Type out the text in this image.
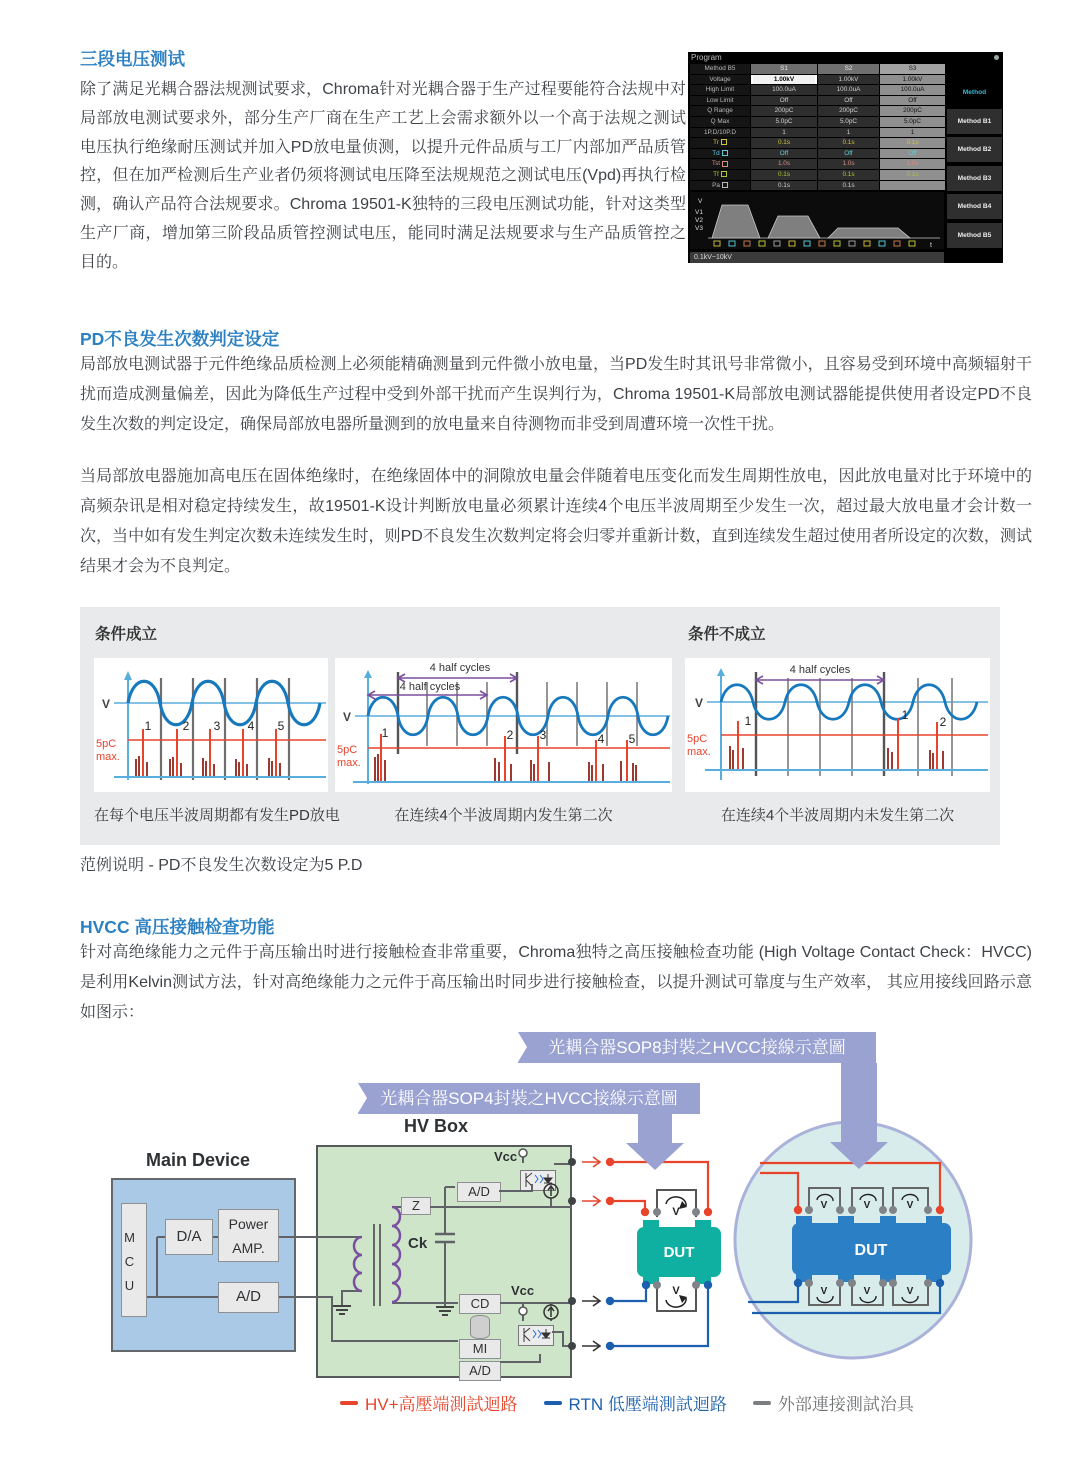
三段电压测试
除了满足光耦合器法规测试要求，Chroma针对光耦合器于生产过程要能符合法规中对局部放电测试要求外，部分生产厂商在生产工艺上会需求额外以一个高于法规之测试电压执行绝缘耐压测试并加入PD放电量侦测，以提升元件品质与工厂内部加严品质管控，但在加严检测后生产业者仍须将测试电压降至法规规范之测试电压(Vpd)再执行检测，确认产品符合法规要求。Chroma 19501-K独特的三段电压测试功能，针对这类型生产厂商，增加第三阶段品质管控测试电压，能同时满足法规要求与生产品质管控之目的。
Program
Method B5	S1	S2	S3
Voltage	1.00kV	1.00kV	1.00kV
High Limit	100.0uA	100.0uA	100.0uA
Low Limit	Off	Off	Off
Q Range	200pC	200pC	200pC
Q Max	5.0pC	5.0pC	5.0pC
1P.D/10P.D	1	1	1
Tr	0.1s	0.1s	0.1s
Td	Off	Off	Off
Tst	1.0s	1.0s	1.0s
Tf	0.1s	0.1s	0.1s
Pa	0.1s	0.1s
Method
Method B1
Method B2
Method B3
Method B4
Method B5
V
V1
V2
V3
t
0.1kV~10kV
PD不良发生次数判定设定
局部放电测试器于元件绝缘品质检测上必须能精确测量到元件微小放电量，当PD发生时其讯号非常微小，且容易受到环境中高频辐射干扰而造成测量偏差，因此为降低生产过程中受到外部干扰而产生误判行为，Chroma 19501-K局部放电测试器能提供使用者设定PD不良发生次数的判定设定，确保局部放电器所量测到的放电量来自待测物而非受到周遭环境一次性干扰。
当局部放电器施加高电压在固体绝缘时，在绝缘固体中的洞隙放电量会伴随着电压变化而发生周期性放电，因此放电量对比于环境中的高频杂讯是相对稳定持续发生，故19501-K设计判断放电量必须累计连续4个电压半波周期至少发生一次，超过最大放电量才会计数一次，当中如有发生判定次数未连续发生时，则PD不良发生次数判定将会归零并重新计数，直到连续发生超过使用者所设定的次数，测试结果才会为不良判定。
条件成立	条件不成立
V
1	2 3 4 5
5pC
max.
V
4 half cycles
4 half cycles
5pC
max.
1	2 3	4 5
V
4 half cycles
5pC
max.
1	1	2
在每个电压半波周期都有发生PD放电	在连续4个半波周期内发生第二次	在连续4个半波周期内未发生第二次
范例说明 - PD不良发生次数设定为5 P.D
HVCC 高压接触检查功能
针对高绝缘能力之元件于高压输出时进行接触检查非常重要，Chroma独特之高压接触检查功能 (High Voltage Contact Check：HVCC)是利用Kelvin测试方法，针对高绝缘能力之元件于高压输出时同步进行接触检查，以提升测试可靠度与生产效率， 其应用接线回路示意如图示：
光耦合器SOP8封裝之HVCC接線示意圖
光耦合器SOP4封裝之HVCC接線示意圖
HV Box
Main Device
MCU	D/A
Power AMP.
A/D
Vcc
A/D
Z
Ck
Vcc
CD
MI
A/D
DUT
V
V
DUT
V	V	V
V	V	V
HV+高壓端測試迴路	RTN 低壓端測試迴路	外部連接測試治具
